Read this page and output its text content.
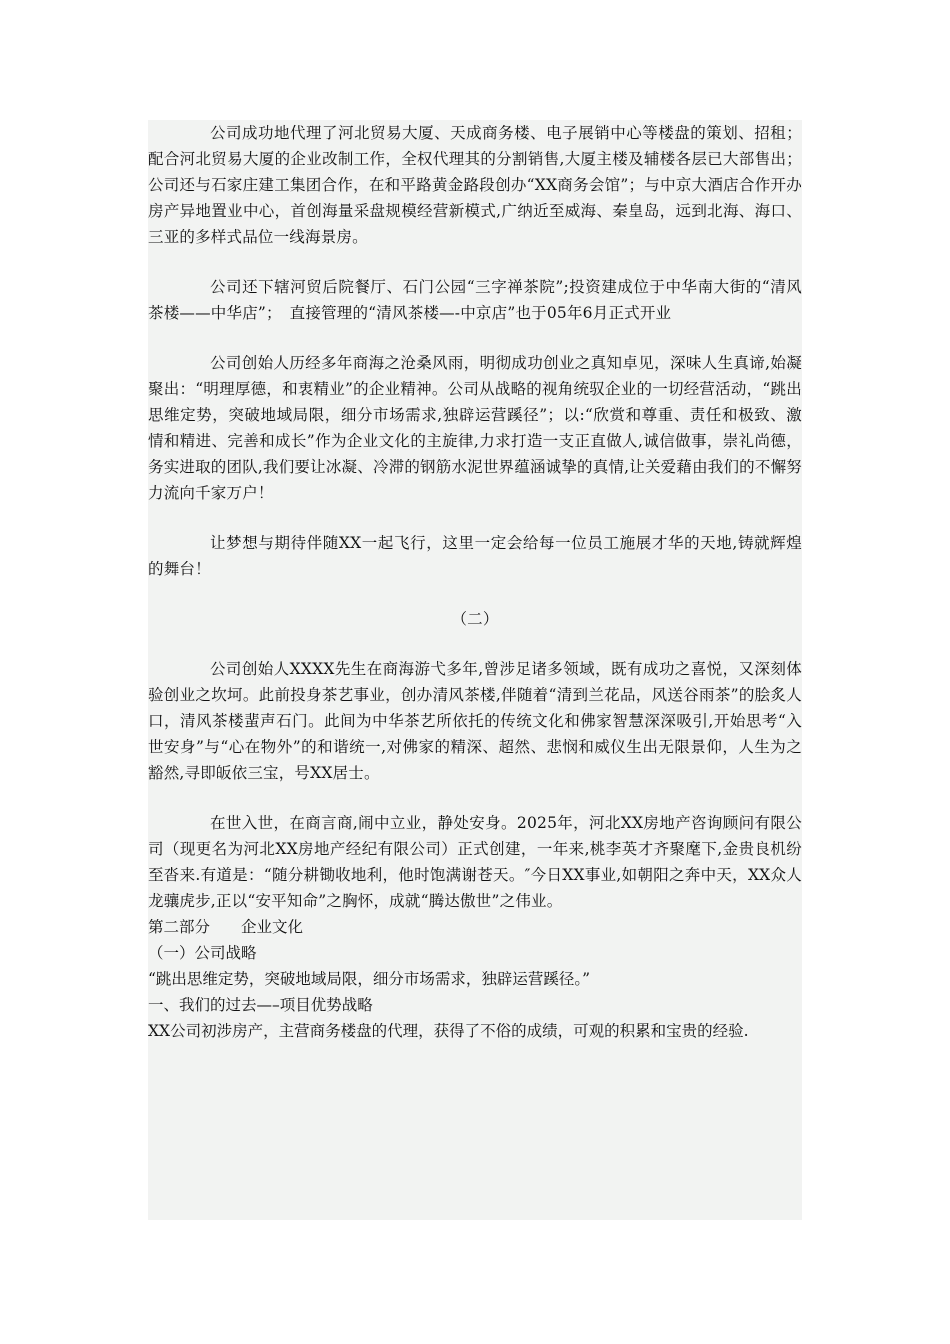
公司成功地代理了河北贸易大厦、天成商务楼、电子展销中心等楼盘的策划、招租；配合河北贸易大厦的企业改制工作，全权代理其的分割销售,大厦主楼及辅楼各层已大部售出；公司还与石家庄建工集团合作，在和平路黄金路段创办“XX商务会馆”；与中京大酒店合作开办房产异地置业中心，首创海量采盘规模经营新模式,广纳近至威海、秦皇岛，远到北海、海口、三亚的多样式品位一线海景房。

公司还下辖河贸后院餐厅、石门公园“三字禅茶院”;投资建成位于中华南大街的“清风茶楼——中华店”；　直接管理的“清风茶楼—-中京店”也于05年6月正式开业

公司创始人历经多年商海之沧桑风雨，明彻成功创业之真知卓见，深味人生真谛,始凝聚出：“明理厚德，和衷精业”的企业精神。公司从战略的视角统驭企业的一切经营活动，“跳出思维定势，突破地域局限，细分市场需求,独辟运营蹊径”；以:“欣赏和尊重、责任和极致、激情和精进、完善和成长”作为企业文化的主旋律,力求打造一支正直做人,诚信做事，崇礼尚德，务实进取的团队,我们要让冰凝、冷滞的钢筋水泥世界蕴涵诚挚的真情,让关爱藉由我们的不懈努力流向千家万户！

让梦想与期待伴随XX一起飞行，这里一定会给每一位员工施展才华的天地,铸就辉煌的舞台！

（二）

公司创始人XXXX先生在商海游弋多年,曾涉足诸多领域，既有成功之喜悦，又深刻体验创业之坎坷。此前投身茶艺事业，创办清风茶楼,伴随着“清到兰花品，风送谷雨茶”的脍炙人口，清风茶楼蜚声石门。此间为中华茶艺所依托的传统文化和佛家智慧深深吸引,开始思考“入世安身”与“心在物外”的和谐统一,对佛家的精深、超然、悲悯和威仪生出无限景仰，人生为之豁然,寻即皈依三宝，号XX居士。

在世入世，在商言商,闹中立业，静处安身。2025年，河北XX房地产咨询顾问有限公司（现更名为河北XX房地产经纪有限公司）正式创建，一年来,桃李英才齐聚麾下,金贵良机纷至沓来.有道是：“随分耕锄收地利，他时饱满谢苍天。″今日XX事业,如朝阳之奔中天，XX众人龙骧虎步,正以“安平知命”之胸怀，成就“腾达傲世”之伟业。

第二部分　　企业文化

（一）公司战略

“跳出思维定势，突破地域局限，细分市场需求，独辟运营蹊径。”

一、我们的过去—–项目优势战略

XX公司初涉房产，主营商务楼盘的代理，获得了不俗的成绩，可观的积累和宝贵的经验.
